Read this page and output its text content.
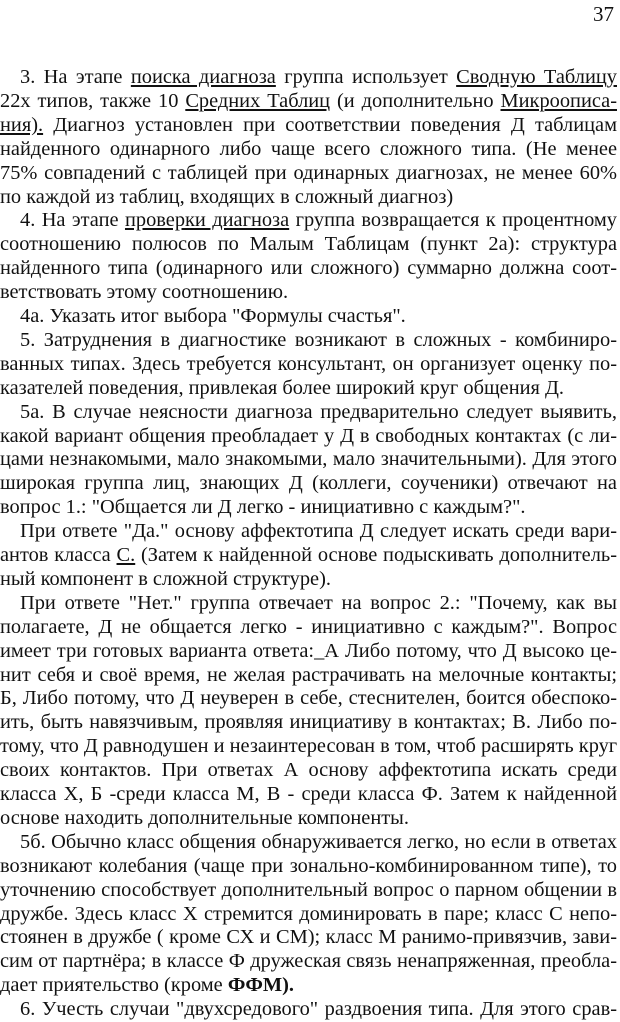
37
3. На этапе поиска диагноза группа использует Сводную Таблицу
22х типов, также 10 Средних Таблиц (и дополнительно Микроописа-
ния). Диагноз установлен при соответствии поведения Д таблицам
найденного одинарного либо чаще всего сложного типа. (Не менее
75% совпадений с таблицей при одинарных диагнозах, не менее 60%
по каждой из таблиц, входящих в сложный диагноз)
4. На этапе проверки диагноза группа возвращается к процентному
соотношению полюсов по Малым Таблицам (пункт 2а): структура
найденного типа (одинарного или сложного) суммарно должна соот-
ветствовать этому соотношению.
4а. Указать итог выбора "Формулы счастья".
5. Затруднения в диагностике возникают в сложных - комбиниро-
ванных типах. Здесь требуется консультант, он организует оценку по-
казателей поведения, привлекая более широкий круг общения Д.
5а. В случае неясности диагноза предварительно следует выявить,
какой вариант общения преобладает у Д в свободных контактах (с ли-
цами незнакомыми, мало знакомыми, мало значительными). Для этого
широкая группа лиц, знающих Д (коллеги, соученики) отвечают на
вопрос 1.: "Общается ли Д легко - инициативно с каждым?".
При ответе "Да." основу аффектотипа Д следует искать среди вари-
антов класса С. (Затем к найденной основе подыскивать дополнитель-
ный компонент в сложной структуре).
При ответе "Нет." группа отвечает на вопрос 2.: "Почему, как вы
полагаете, Д не общается легко - инициативно с каждым?". Вопрос
имеет три готовых варианта ответа:_А Либо потому, что Д высоко це-
нит себя и своё время, не желая растрачивать на мелочные контакты;
Б, Либо потому, что Д неуверен в себе, стеснителен, боится обеспоко-
ить, быть навязчивым, проявляя инициативу в контактах; В. Либо по-
тому, что Д равнодушен и незаинтересован в том, чтоб расширять круг
своих контактов. При ответах А основу аффектотипа искать среди
класса Х, Б -среди класса М, В - среди класса Ф. Затем к найденной
основе находить дополнительные компоненты.
5б. Обычно класс общения обнаруживается легко, но если в ответах
возникают колебания (чаще при зонально-комбинированном типе), то
уточнению способствует дополнительный вопрос о парном общении в
дружбе. Здесь класс Х стремится доминировать в паре; класс С непо-
стоянен в дружбе ( кроме СХ и СМ); класс М ранимо-привязчив, зави-
сим от партнёра; в классе Ф дружеская связь ненапряженная, преобла-
дает приятельство (кроме ФФМ).
6. Учесть случаи "двухсредового" раздвоения типа. Для этого срав-
